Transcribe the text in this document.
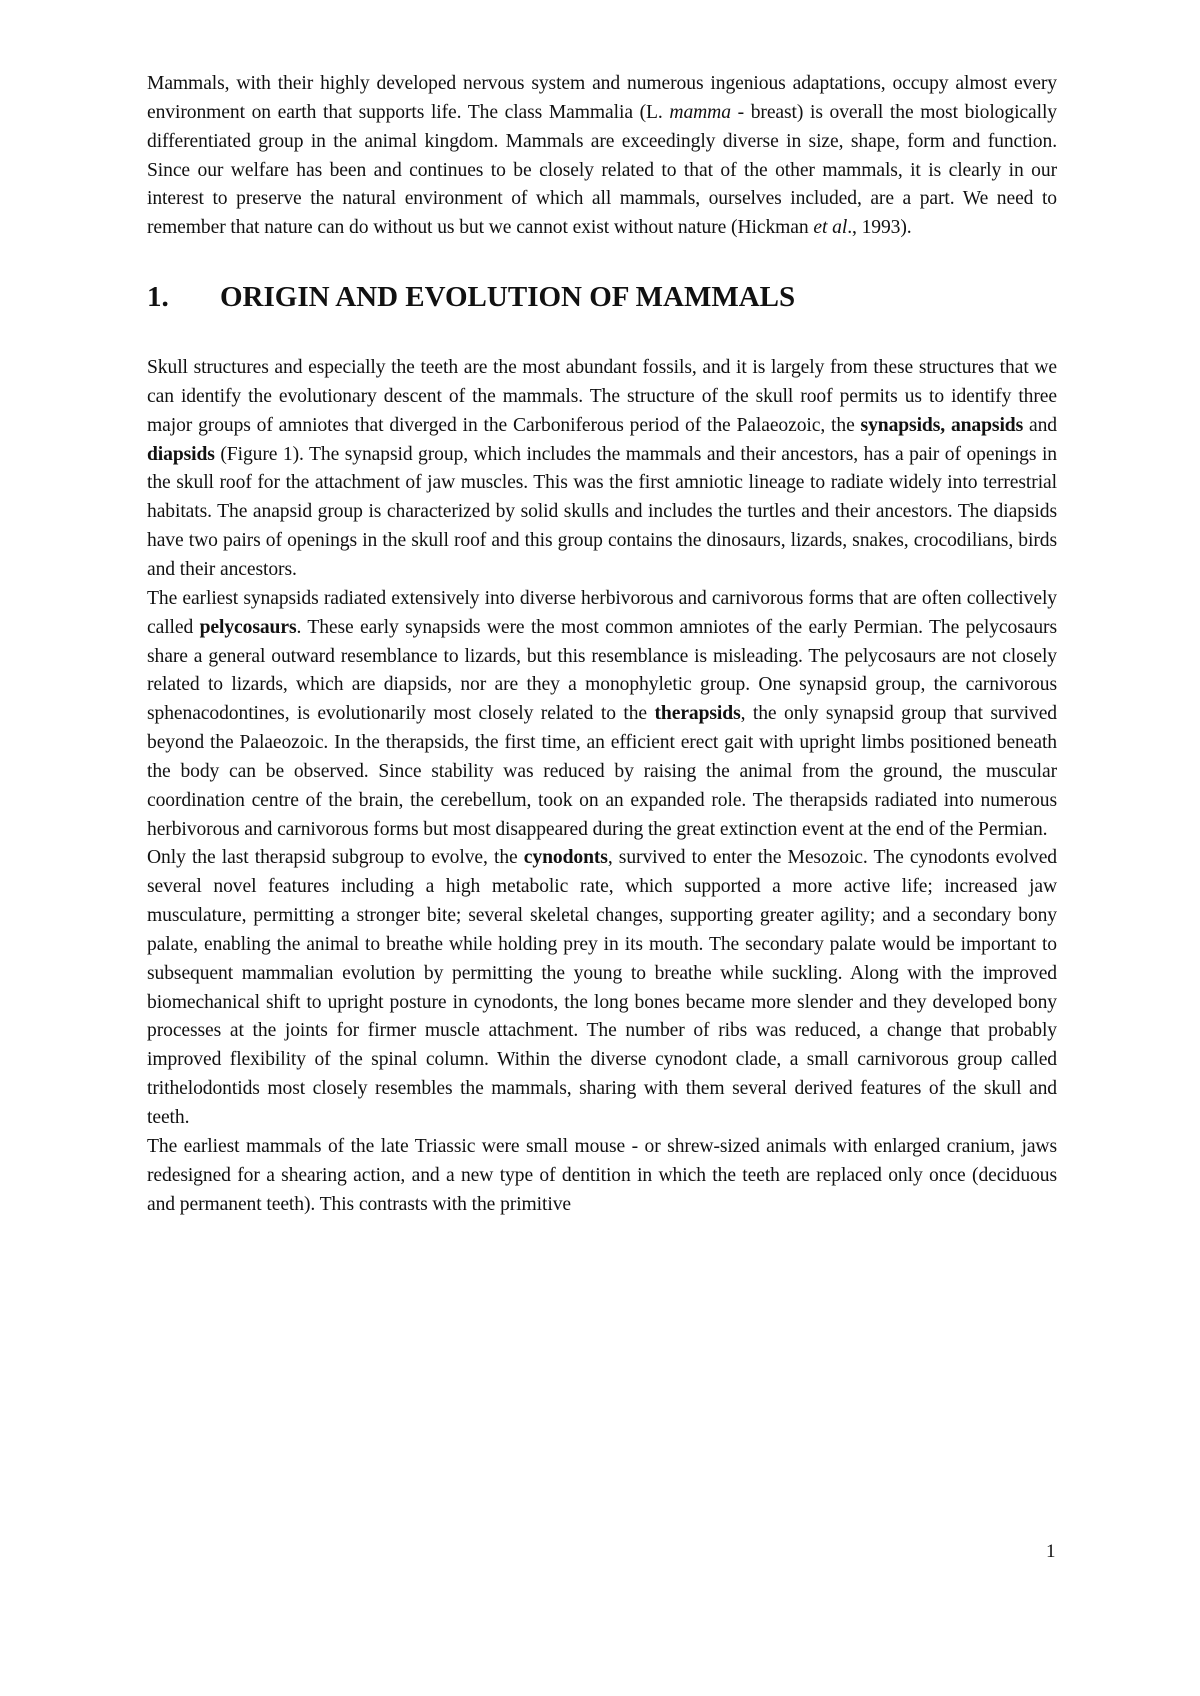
Mammals, with their highly developed nervous system and numerous ingenious adaptations, occupy almost every environment on earth that supports life. The class Mammalia (L. mamma - breast) is overall the most biologically differentiated group in the animal kingdom. Mammals are exceedingly diverse in size, shape, form and function. Since our welfare has been and continues to be closely related to that of the other mammals, it is clearly in our interest to preserve the natural environment of which all mammals, ourselves included, are a part. We need to remember that nature can do without us but we cannot exist without nature (Hickman et al., 1993).

1.	ORIGIN AND EVOLUTION OF MAMMALS

Skull structures and especially the teeth are the most abundant fossils, and it is largely from these structures that we can identify the evolutionary descent of the mammals. The structure of the skull roof permits us to identify three major groups of amniotes that diverged in the Carboniferous period of the Palaeozoic, the synapsids, anapsids and diapsids (Figure 1). The synapsid group, which includes the mammals and their ancestors, has a pair of openings in the skull roof for the attachment of jaw muscles. This was the first amniotic lineage to radiate widely into terrestrial habitats. The anapsid group is characterized by solid skulls and includes the turtles and their ancestors. The diapsids have two pairs of openings in the skull roof and this group contains the dinosaurs, lizards, snakes, crocodilians, birds and their ancestors.

The earliest synapsids radiated extensively into diverse herbivorous and carnivorous forms that are often collectively called pelycosaurs. These early synapsids were the most common amniotes of the early Permian. The pelycosaurs share a general outward resemblance to lizards, but this resemblance is misleading. The pelycosaurs are not closely related to lizards, which are diapsids, nor are they a monophyletic group. One synapsid group, the carnivorous sphenacodontines, is evolutionarily most closely related to the therapsids, the only synapsid group that survived beyond the Palaeozoic. In the therapsids, the first time, an efficient erect gait with upright limbs positioned beneath the body can be observed. Since stability was reduced by raising the animal from the ground, the muscular coordination centre of the brain, the cerebellum, took on an expanded role. The therapsids radiated into numerous herbivorous and carnivorous forms but most disappeared during the great extinction event at the end of the Permian.

Only the last therapsid subgroup to evolve, the cynodonts, survived to enter the Mesozoic. The cynodonts evolved several novel features including a high metabolic rate, which supported a more active life; increased jaw musculature, permitting a stronger bite; several skeletal changes, supporting greater agility; and a secondary bony palate, enabling the animal to breathe while holding prey in its mouth. The secondary palate would be important to subsequent mammalian evolution by permitting the young to breathe while suckling. Along with the improved biomechanical shift to upright posture in cynodonts, the long bones became more slender and they developed bony processes at the joints for firmer muscle attachment. The number of ribs was reduced, a change that probably improved flexibility of the spinal column. Within the diverse cynodont clade, a small carnivorous group called trithelodontids most closely resembles the mammals, sharing with them several derived features of the skull and teeth.

The earliest mammals of the late Triassic were small mouse - or shrew-sized animals with enlarged cranium, jaws redesigned for a shearing action, and a new type of dentition in which the teeth are replaced only once (deciduous and permanent teeth). This contrasts with the primitive

1
